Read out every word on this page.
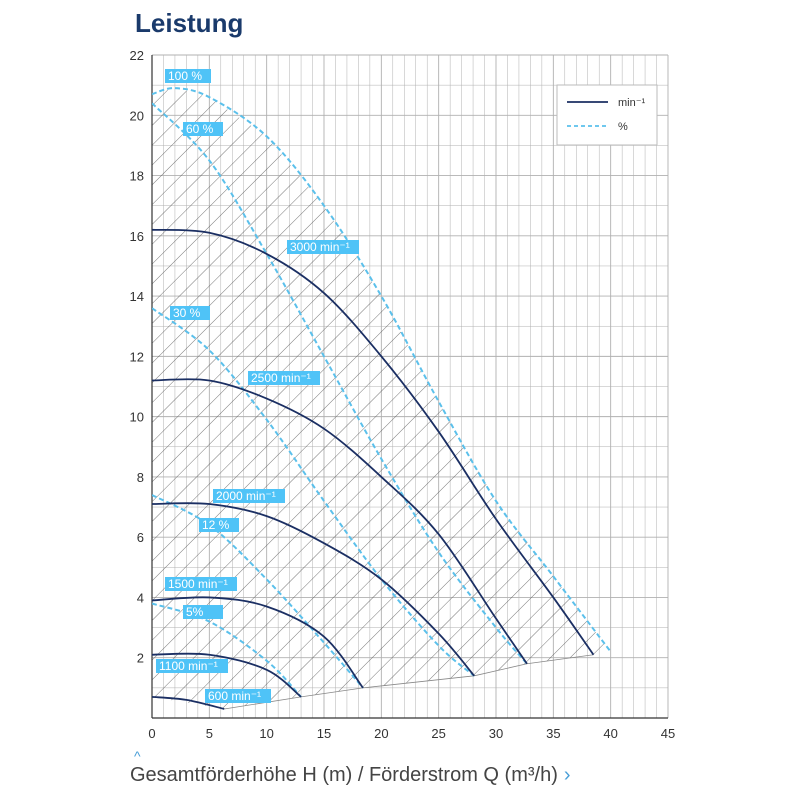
Leistung
3000 min⁻¹
2500 min⁻¹
2000 min⁻¹
1500 min⁻¹
1100 min⁻¹
600 min⁻¹
100 %
60 %
30 %
12 %
5%
0	5	10	15	20	25	30	35	40	45
2
4
6
8
10
12
14
16
18
20
22
min⁻¹
%
^
Gesamtförderhöhe H (m) / Förderstrom Q (m³/h) ›
